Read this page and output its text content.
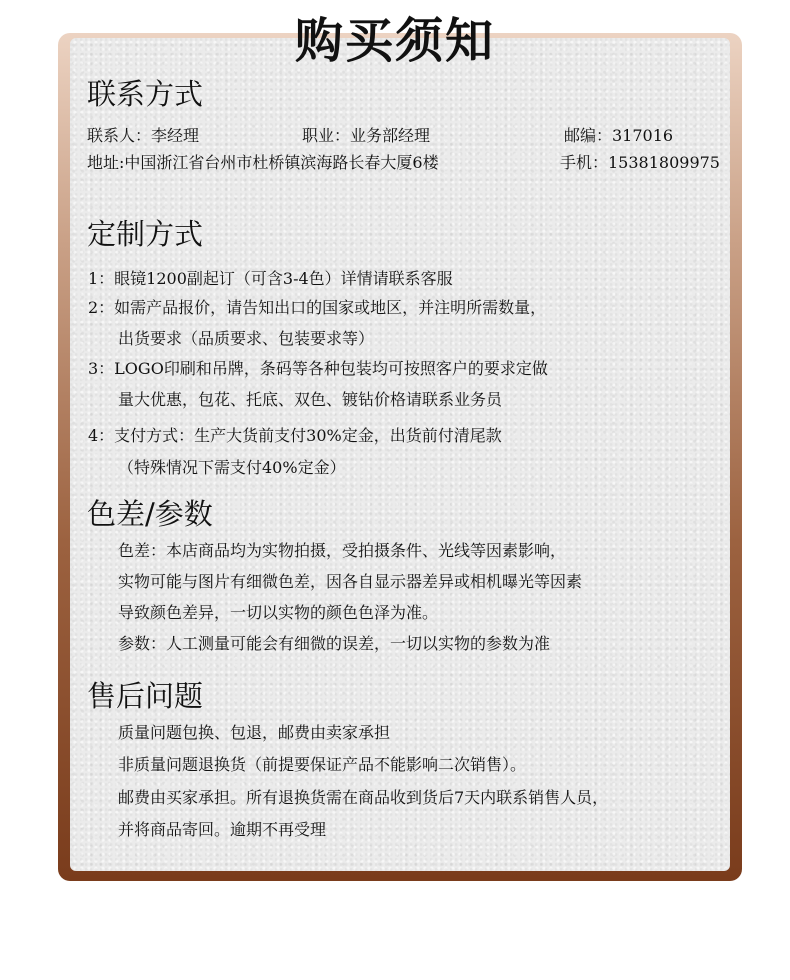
购买须知
联系方式
联系人：李经理	职业：业务部经理	邮编：317016
地址:中国浙江省台州市杜桥镇滨海路长春大厦6楼	手机：15381809975
定制方式
1：眼镜1200副起订（可含3-4色）详情请联系客服
2：如需产品报价，请告知出口的国家或地区，并注明所需数量，
出货要求（品质要求、包装要求等）
3：LOGO印刷和吊牌，条码等各种包装均可按照客户的要求定做
量大优惠，包花、托底、双色、镀钻价格请联系业务员
4：支付方式：生产大货前支付30%定金，出货前付清尾款
（特殊情况下需支付40%定金）
色差/参数
色差：本店商品均为实物拍摄，受拍摄条件、光线等因素影响，
实物可能与图片有细微色差，因各自显示器差异或相机曝光等因素
导致颜色差异，一切以实物的颜色色泽为准。
参数：人工测量可能会有细微的误差，一切以实物的参数为准
售后问题
质量问题包换、包退，邮费由卖家承担
非质量问题退换货（前提要保证产品不能影响二次销售）。
邮费由买家承担。所有退换货需在商品收到货后7天内联系销售人员，
并将商品寄回。逾期不再受理
